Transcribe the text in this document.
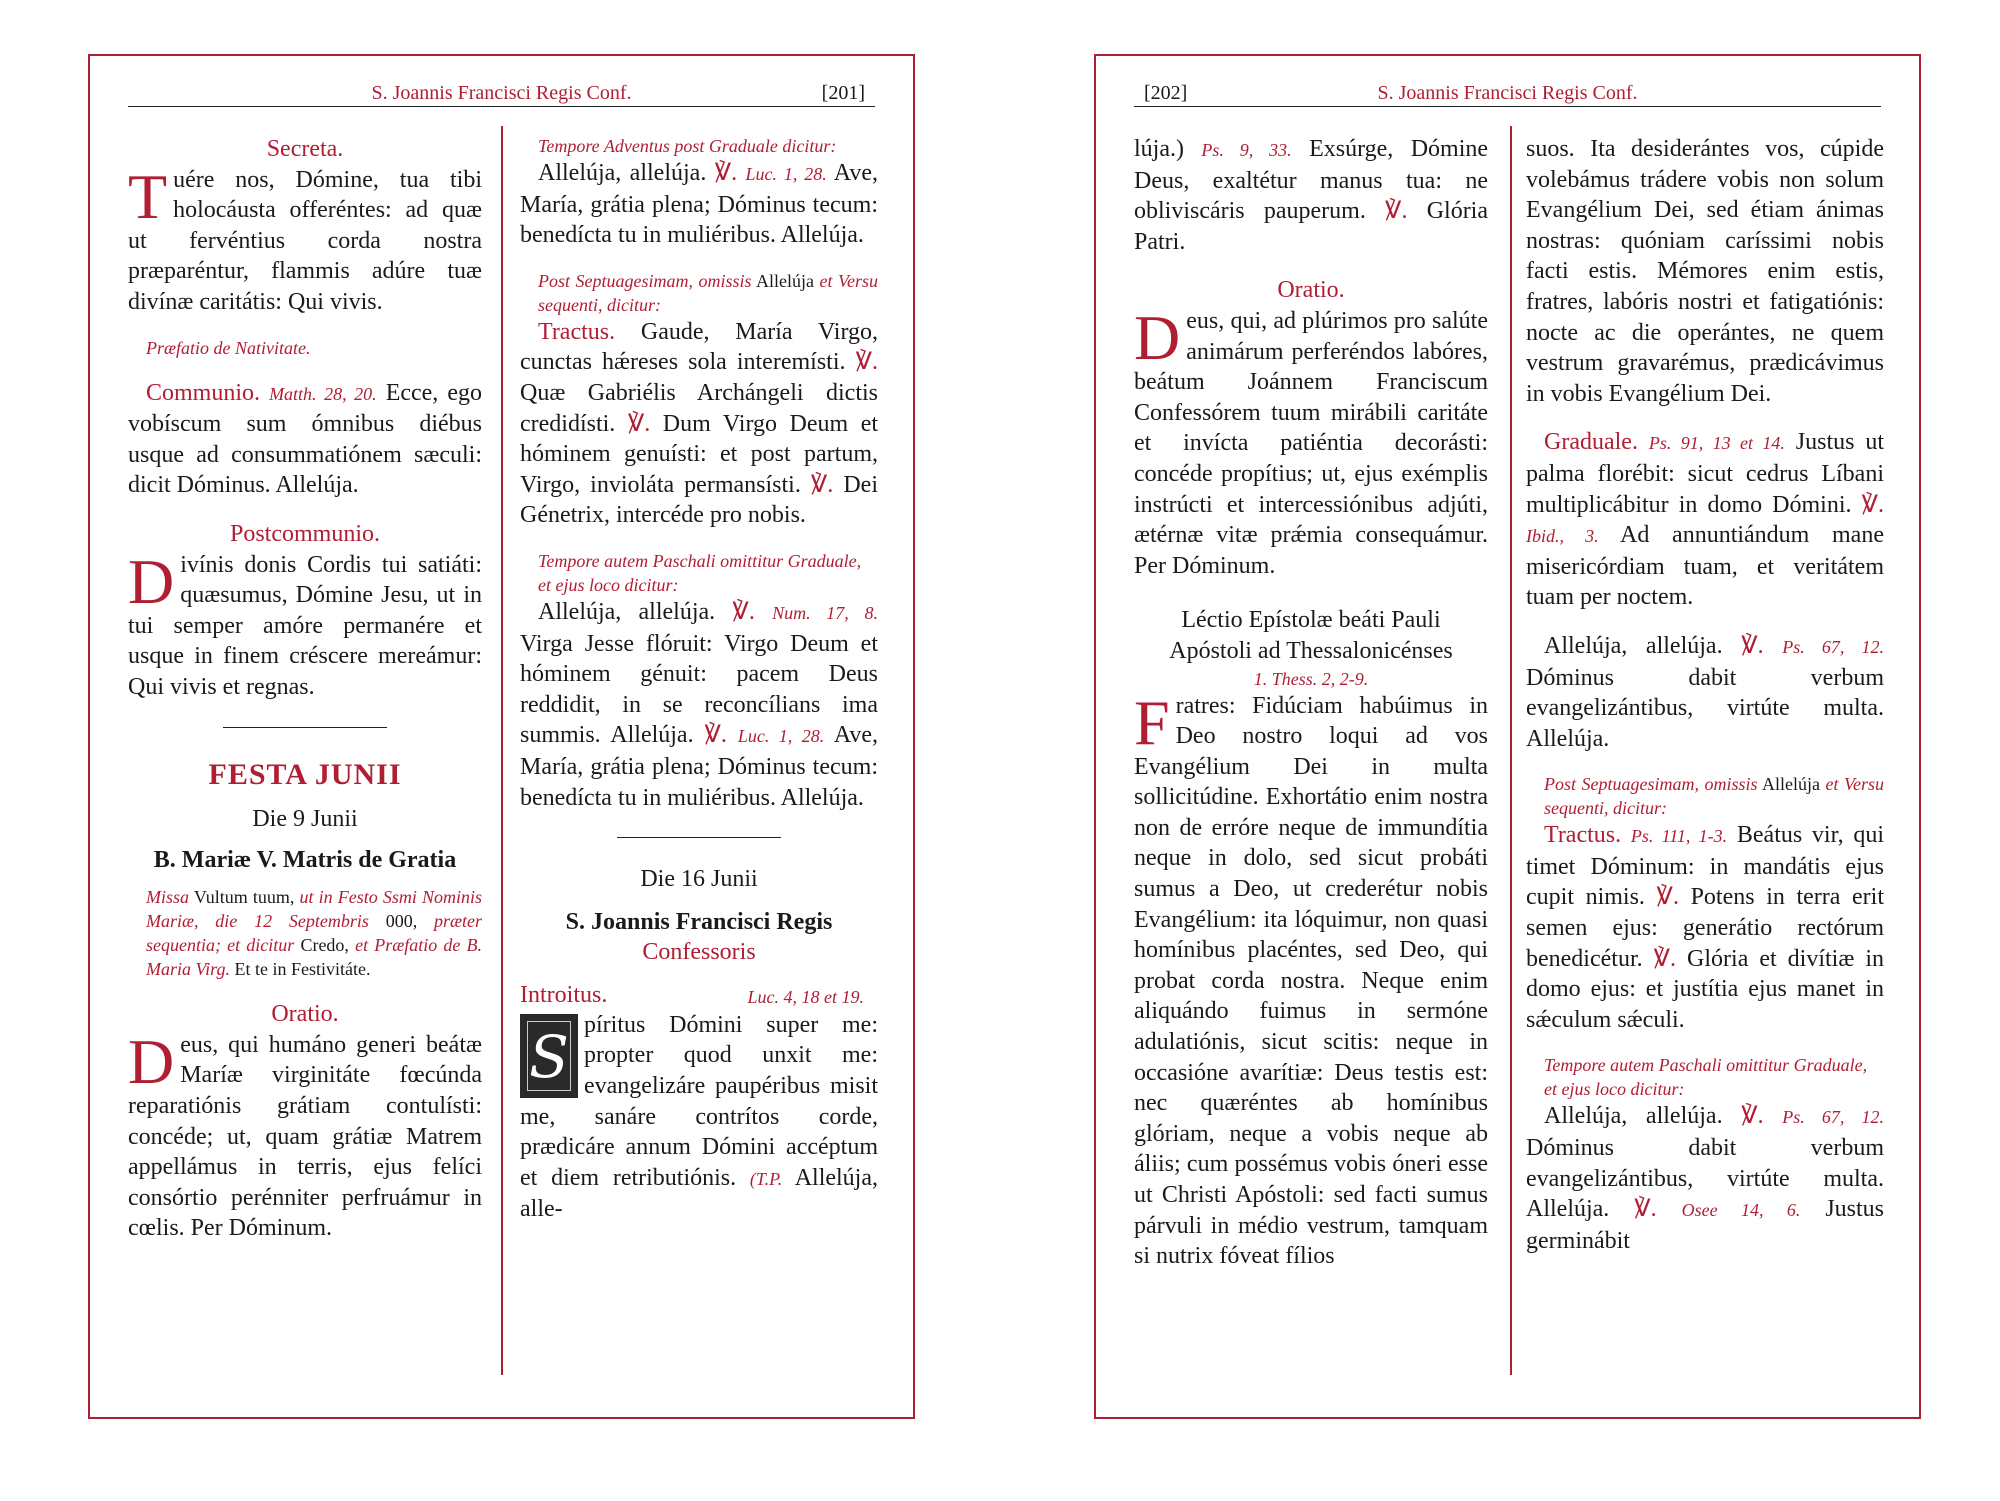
S. Joannis Francisci Regis Conf.	[201]
Secreta.

Tuére nos, Dómine, tua tibi holocáusta offeréntes: ad quæ ut fervéntius corda nostra præparéntur, flammis adúre tuæ divínæ caritátis: Qui vivis.

Præfatio de Nativitate.

Communio. Matth. 28, 20. Ecce, ego vobíscum sum ómnibus diébus usque ad consummatiónem sæculi: dicit Dóminus. Allelúja.

Postcommunio.

Divínis donis Cordis tui satiáti: quæsumus, Dómine Jesu, ut in tui semper amóre permanére et usque in finem créscere mereámur: Qui vivis et regnas.

FESTA JUNII
Die 9 Junii
B. Mariæ V. Matris de Gratia

Missa Vultum tuum, ut in Festo Ssmi Nominis Mariæ, die 12 Septembris 000, præter sequentia; et dicitur Credo, et Præfatio de B. Maria Virg. Et te in Festivitáte.

Oratio.

Deus, qui humáno generi beátæ Maríæ virginitáte fœcúnda reparatiónis grátiam contulísti: concéde; ut, quam grátiæ Matrem appellámus in terris, ejus felíci consórtio perénniter perfruámur in cœlis. Per Dóminum.

Tempore Adventus post Graduale dicitur:

Allelúja, allelúja. ℣. Luc. 1, 28. Ave, María, grátia plena; Dóminus tecum: benedícta tu in muliéribus. Allelúja.

Post Septuagesimam, omissis Allelúja et Versu sequenti, dicitur:

Tractus. Gaude, María Virgo, cunctas hǽreses sola interemísti. ℣. Quæ Gabriélis Archángeli dictis credidísti. ℣. Dum Virgo Deum et hóminem genuísti: et post partum, Virgo, invioláta permansísti. ℣. Dei Génetrix, intercéde pro nobis.

Tempore autem Paschali omittitur Graduale, et ejus loco dicitur:

Allelúja, allelúja. ℣. Num. 17, 8. Virga Jesse flóruit: Virgo Deum et hóminem génuit: pacem Deus reddidit, in se reconcílians ima summis. Allelúja. ℣. Luc. 1, 28. Ave, María, grátia plena; Dóminus tecum: benedícta tu in muliéribus. Allelúja.

Die 16 Junii
S. Joannis Francisci Regis
Confessoris
Introitus.	Luc. 4, 18 et 19.

S píritus Dómini super me: propter quod unxit me: evangelizáre paupéribus misit me, sanáre contrítos corde, prædicáre annum Dómini accéptum et diem retributiónis. (T.P. Allelúja, alle-

[202]	S. Joannis Francisci Regis Conf.

lúja.) Ps. 9, 33. Exsúrge, Dómine Deus, exaltétur manus tua: ne obliviscáris pauperum. ℣. Glória Patri.

Oratio.

Deus, qui, ad plúrimos pro salúte animárum perferéndos labóres, beátum Joánnem Franciscum Confessórem tuum mirábili caritáte et invícta patiéntia decorásti: concéde propítius; ut, ejus exémplis instrúcti et intercessiónibus adjúti, ætérnæ vitæ prǽmia consequámur. Per Dóminum.

Léctio Epístolæ beáti Pauli
Apóstoli ad Thessalonicénses
1. Thess. 2, 2-9.

Fratres: Fidúciam habúimus in Deo nostro loqui ad vos Evangélium Dei in multa sollicitúdine. Exhortátio enim nostra non de erróre neque de immundítia neque in dolo, sed sicut probáti sumus a Deo, ut crederétur nobis Evangélium: ita lóquimur, non quasi homínibus placéntes, sed Deo, qui probat corda nostra. Neque enim aliquándo fuimus in sermóne adulatiónis, sicut scitis: neque in occasióne avarítiæ: Deus testis est: nec quæréntes ab homínibus glóriam, neque a vobis neque ab áliis; cum possémus vobis óneri esse ut Christi Apóstoli: sed facti sumus párvuli in médio vestrum, tamquam si nutrix fóveat fílios

suos. Ita desiderántes vos, cúpide volebámus trádere vobis non solum Evangélium Dei, sed étiam ánimas nostras: quóniam caríssimi nobis facti estis. Mémores enim estis, fratres, labóris nostri et fatigatiónis: nocte ac die operántes, ne quem vestrum gravarémus, prædicávimus in vobis Evangélium Dei.

Graduale. Ps. 91, 13 et 14. Justus ut palma florébit: sicut cedrus Líbani multiplicábitur in domo Dómini. ℣. Ibid., 3. Ad annuntiándum mane misericórdiam tuam, et veritátem tuam per noctem.

Allelúja, allelúja. ℣. Ps. 67, 12. Dóminus dabit verbum evangelizántibus, virtúte multa. Allelúja.

Post Septuagesimam, omissis Allelúja et Versu sequenti, dicitur:

Tractus. Ps. 111, 1-3. Beátus vir, qui timet Dóminum: in mandátis ejus cupit nimis. ℣. Potens in terra erit semen ejus: generátio rectórum benedicétur. ℣. Glória et divítiæ in domo ejus: et justítia ejus manet in sǽculum sǽculi.

Tempore autem Paschali omittitur Graduale, et ejus loco dicitur:

Allelúja, allelúja. ℣. Ps. 67, 12. Dóminus dabit verbum evangelizántibus, virtúte multa. Allelúja. ℣. Osee 14, 6. Justus germinábit
